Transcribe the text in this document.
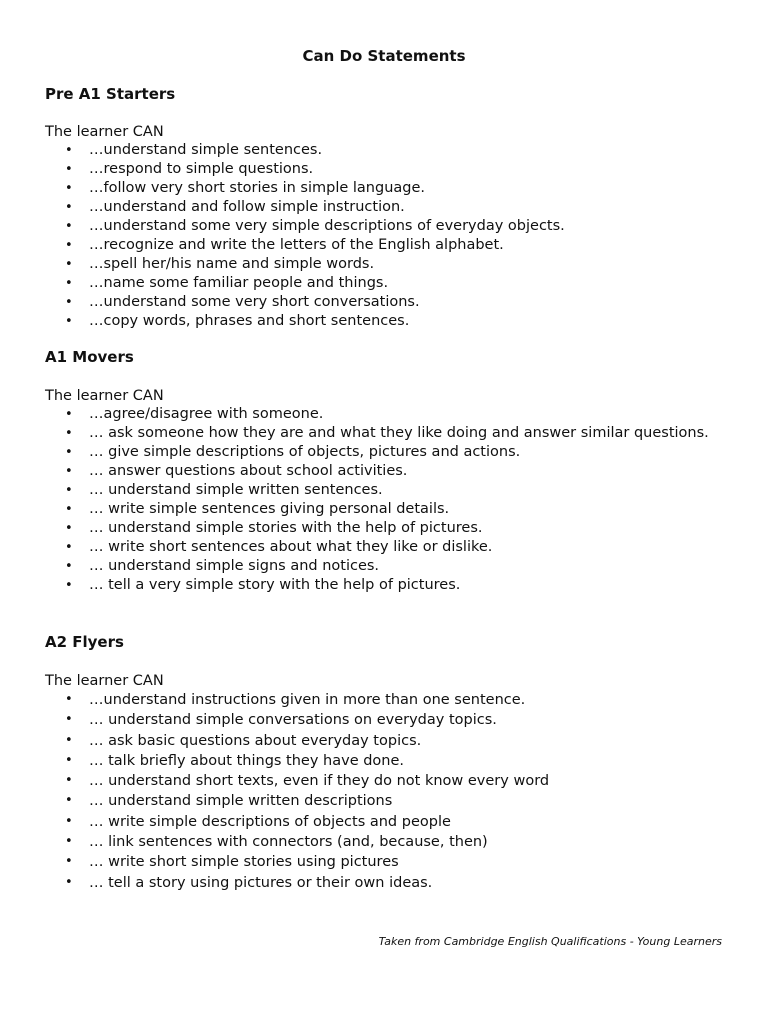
Can Do Statements
Pre A1 Starters

The learner CAN

• …understand simple sentences.
• …respond to simple questions.
• …follow very short stories in simple language.
• …understand and follow simple instruction.
• …understand some very simple descriptions of everyday objects.
• …recognize and write the letters of the English alphabet.
• …spell her/his name and simple words.
• …name some familiar people and things.
• …understand some very short conversations.
• …copy words, phrases and short sentences.
A1 Movers

The learner CAN

• …agree/disagree with someone.
• … ask someone how they are and what they like doing and answer similar questions.
• … give simple descriptions of objects, pictures and actions.
• … answer questions about school activities.
• … understand simple written sentences.
• … write simple sentences giving personal details.
• … understand simple stories with the help of pictures.
• … write short sentences about what they like or dislike.
• … understand simple signs and notices.
• … tell a very simple story with the help of pictures.
A2 Flyers

The learner CAN

• …understand instructions given in more than one sentence.
• … understand simple conversations on everyday topics.
• … ask basic questions about everyday topics.
• … talk briefly about things they have done.
• … understand short texts, even if they do not know every word
• … understand simple written descriptions
• … write simple descriptions of objects and people
• … link sentences with connectors (and, because, then)
• … write short simple stories using pictures
• … tell a story using pictures or their own ideas.

Taken from Cambridge English Qualifications - Young Learners
